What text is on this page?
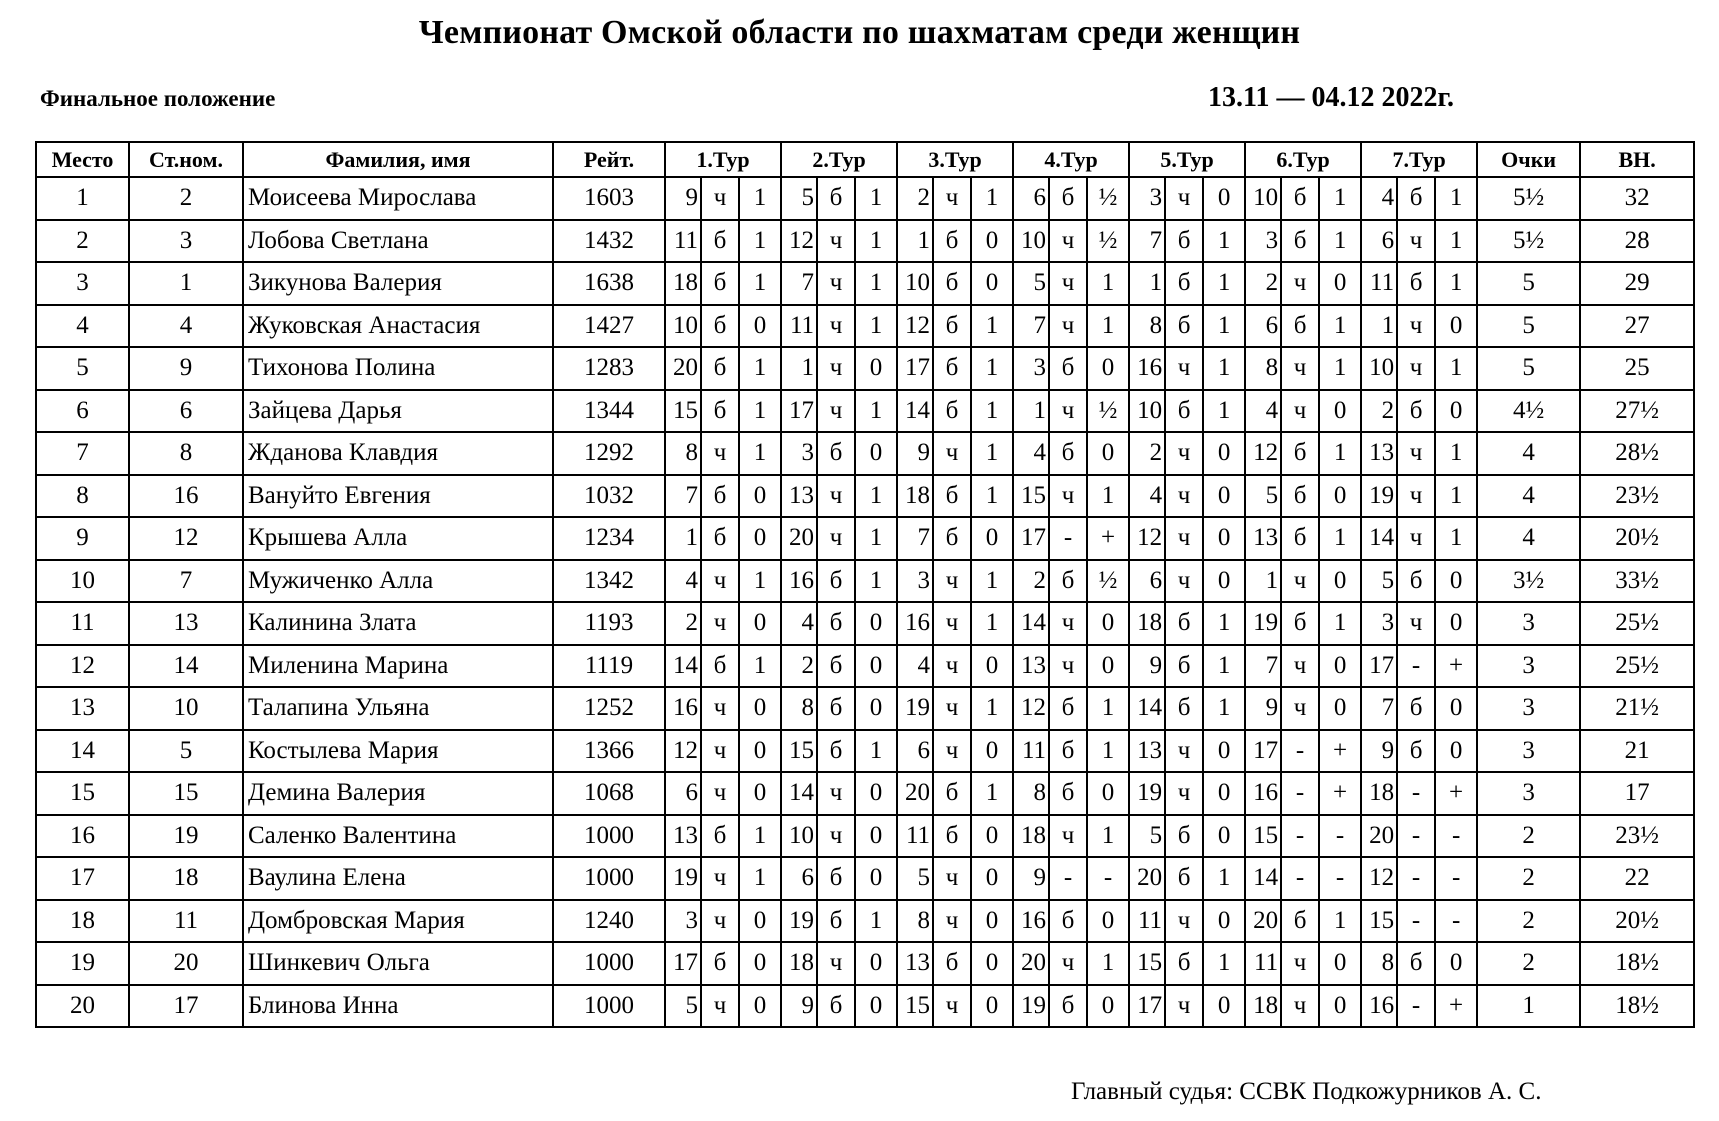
Чемпионат Омской области по шахматам среди женщин
Финальное положение	13.11 — 04.12 2022г.
Место	Ст.ном.	Фамилия, имя	Рейт.	1.Тур			2.Тур			3.Тур			4.Тур			5.Тур			6.Тур			7.Тур			Очки	ВН.
1	2	Моисеева Мирослава	1603	9	ч	1	5	б	1	2	ч	1	6	б	½	3	ч	0	10	б	1	4	б	1	5½	32
2	3	Лобова Светлана	1432	11	б	1	12	ч	1	1	б	0	10	ч	½	7	б	1	3	б	1	6	ч	1	5½	28
3	1	Зикунова Валерия	1638	18	б	1	7	ч	1	10	б	0	5	ч	1	1	б	1	2	ч	0	11	б	1	5	29
4	4	Жуковская Анастасия	1427	10	б	0	11	ч	1	12	б	1	7	ч	1	8	б	1	6	б	1	1	ч	0	5	27
5	9	Тихонова Полина	1283	20	б	1	1	ч	0	17	б	1	3	б	0	16	ч	1	8	ч	1	10	ч	1	5	25
6	6	Зайцева Дарья	1344	15	б	1	17	ч	1	14	б	1	1	ч	½	10	б	1	4	ч	0	2	б	0	4½	27½
7	8	Жданова Клавдия	1292	8	ч	1	3	б	0	9	ч	1	4	б	0	2	ч	0	12	б	1	13	ч	1	4	28½
8	16	Вануйто Евгения	1032	7	б	0	13	ч	1	18	б	1	15	ч	1	4	ч	0	5	б	0	19	ч	1	4	23½
9	12	Крышева Алла	1234	1	б	0	20	ч	1	7	б	0	17	-	+	12	ч	0	13	б	1	14	ч	1	4	20½
10	7	Мужиченко Алла	1342	4	ч	1	16	б	1	3	ч	1	2	б	½	6	ч	0	1	ч	0	5	б	0	3½	33½
11	13	Калинина Злата	1193	2	ч	0	4	б	0	16	ч	1	14	ч	0	18	б	1	19	б	1	3	ч	0	3	25½
12	14	Миленина Марина	1119	14	б	1	2	б	0	4	ч	0	13	ч	0	9	б	1	7	ч	0	17	-	+	3	25½
13	10	Талапина Ульяна	1252	16	ч	0	8	б	0	19	ч	1	12	б	1	14	б	1	9	ч	0	7	б	0	3	21½
14	5	Костылева Мария	1366	12	ч	0	15	б	1	6	ч	0	11	б	1	13	ч	0	17	-	+	9	б	0	3	21
15	15	Демина Валерия	1068	6	ч	0	14	ч	0	20	б	1	8	б	0	19	ч	0	16	-	+	18	-	+	3	17
16	19	Саленко Валентина	1000	13	б	1	10	ч	0	11	б	0	18	ч	1	5	б	0	15	-	-	20	-	-	2	23½
17	18	Ваулина Елена	1000	19	ч	1	6	б	0	5	ч	0	9	-	-	20	б	1	14	-	-	12	-	-	2	22
18	11	Домбровская Мария	1240	3	ч	0	19	б	1	8	ч	0	16	б	0	11	ч	0	20	б	1	15	-	-	2	20½
19	20	Шинкевич Ольга	1000	17	б	0	18	ч	0	13	б	0	20	ч	1	15	б	1	11	ч	0	8	б	0	2	18½
20	17	Блинова Инна	1000	5	ч	0	9	б	0	15	ч	0	19	б	0	17	ч	0	18	ч	0	16	-	+	1	18½
Главный судья: ССВК Подкожурников А. С.
